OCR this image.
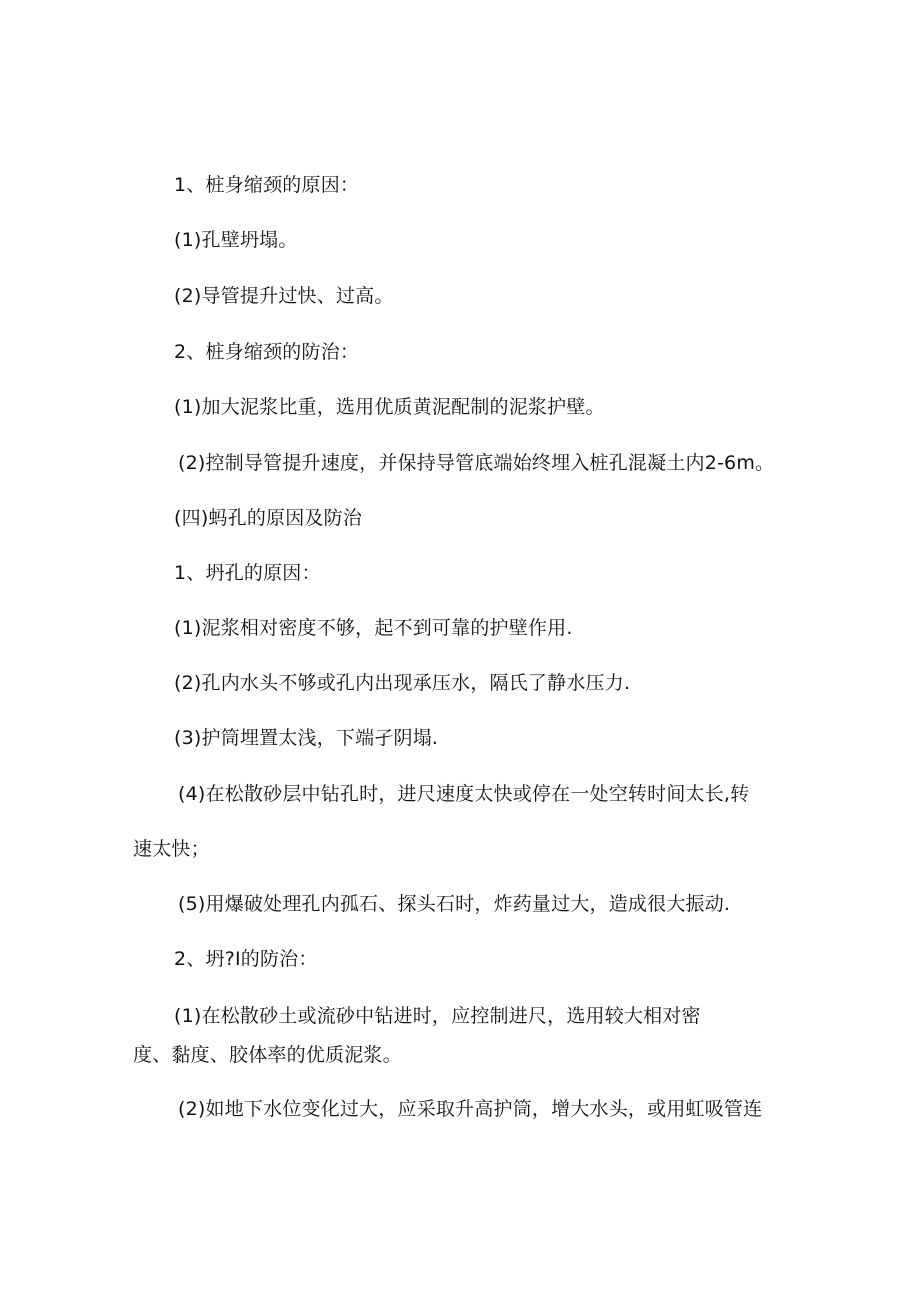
1、桩身缩颈的原因：
(1)孔壁坍塌。
(2)导管提升过快、过高。
2、桩身缩颈的防治：
(1)加大泥浆比重，选用优质黄泥配制的泥浆护壁。
(2)控制导管提升速度，并保持导管底端始终埋入桩孔混凝土内2-6m。
(四)蚂孔的原因及防治
1、坍孔的原因：
(1)泥浆相对密度不够，起不到可靠的护壁作用.
(2)孔内水头不够或孔内出现承压水，隔氏了静水压力.
(3)护筒埋置太浅，下端孑阴塌.
(4)在松散砂层中钻孔时，进尺速度太快或停在一处空转时间太长,转
速太快；
(5)用爆破处理孔内孤石、探头石时，炸药量过大，造成很大振动.
2、坍?I的防治：
(1)在松散砂土或流砂中钻进时，应控制进尺，选用较大相对密
度、黏度、胶体率的优质泥浆。
(2)如地下水位变化过大，应采取升高护筒，增大水头，或用虹吸管连
